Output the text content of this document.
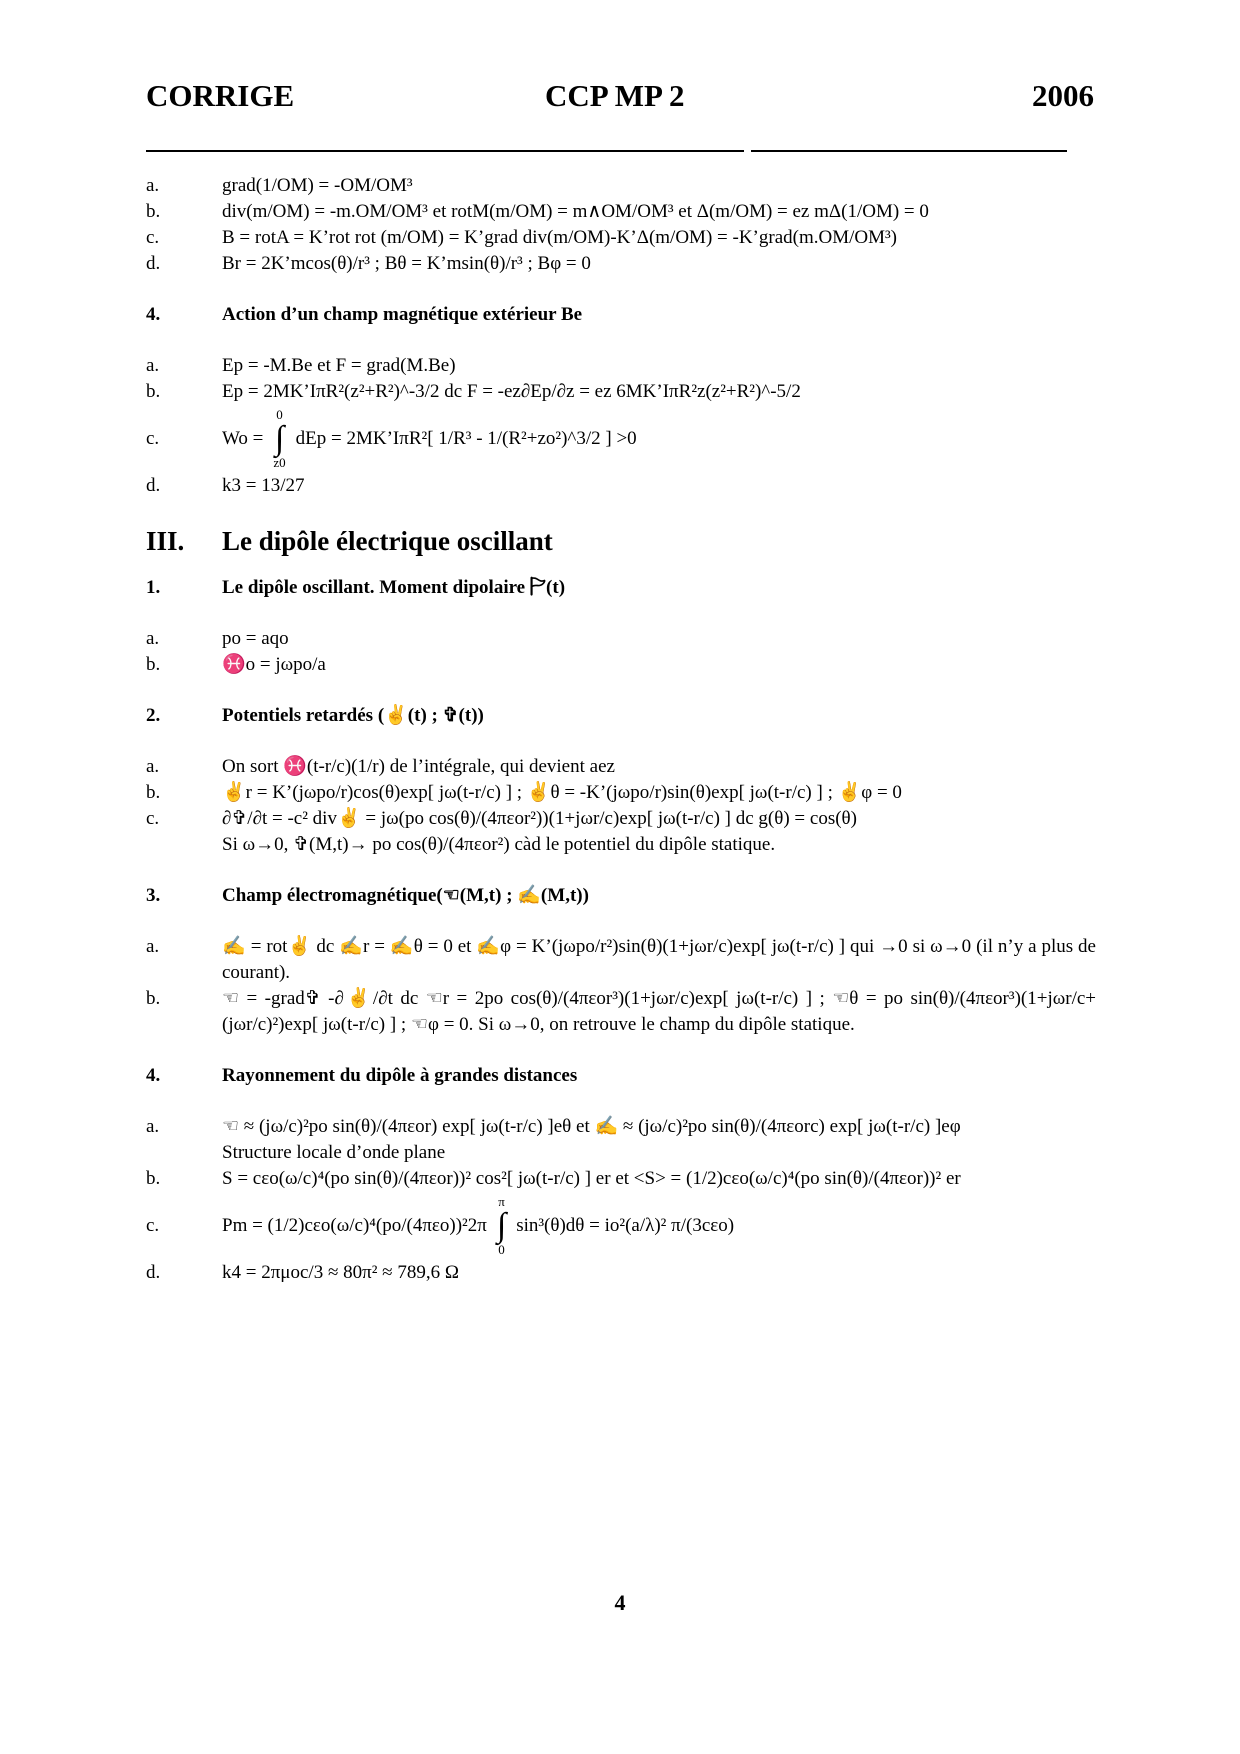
CORRIGE	CCP MP 2	2006
a.	grad(1/OM) = -OM/OM³
b.	div(m/OM) = -m.OM/OM³ et rotM(m/OM) = m∧OM/OM³ et Δ(m/OM) = ez mΔ(1/OM) = 0
c.	B = rotA = K’rot rot (m/OM) = K’grad div(m/OM)-K’Δ(m/OM) = -K’grad(m.OM/OM³)
d.	Br = 2K’mcos(θ)/r³ ; Bθ = K’msin(θ)/r³ ; Bφ = 0
4.	Action d’un champ magnétique extérieur Be
a.	Ep = -M.Be et F = grad(M.Be)
b.	Ep = 2MK’IπR²(z²+R²)^-3/2 dc F = -ez∂Ep/∂z = ez 6MK’IπR²z(z²+R²)^-5/2
c.	Wo =
0
∫
z0
dEp = 2MK’IπR²[ 1/R³ - 1/(R²+zo²)^3/2 ] >0
d.	k3 = 13/27
III.	Le dipôle électrique oscillant
1.	Le dipôle oscillant. Moment dipolaire 🏱(t)
a.	po = aqo
b.	♓o = jωpo/a
2.	Potentiels retardés (✌(t) ; ✞(t))
a.	On sort ♓(t-r/c)(1/r) de l’intégrale, qui devient aez
b.	✌r = K’(jωpo/r)cos(θ)exp[ jω(t-r/c) ] ; ✌θ = -K’(jωpo/r)sin(θ)exp[ jω(t-r/c) ] ; ✌φ = 0
c.	∂✞/∂t = -c² div✌ = jω(po cos(θ)/(4πεor²))(1+jωr/c)exp[ jω(t-r/c) ] dc g(θ) = cos(θ)
Si ω→0, ✞(M,t)→ po cos(θ)/(4πεor²) càd le potentiel du dipôle statique.
3.	Champ électromagnétique(☜(M,t) ; ✍(M,t))
a.	✍ = rot✌ dc ✍r = ✍θ = 0 et ✍φ = K’(jωpo/r²)sin(θ)(1+jωr/c)exp[ jω(t-r/c) ] qui →0 si ω→0 (il n’y a plus de courant).
b.	☜ = -grad✞ -∂✌/∂t dc ☜r = 2po cos(θ)/(4πεor³)(1+jωr/c)exp[ jω(t-r/c) ] ; ☜θ = po sin(θ)/(4πεor³)(1+jωr/c+(jωr/c)²)exp[ jω(t-r/c) ] ; ☜φ = 0. Si ω→0, on retrouve le champ du dipôle statique.
4.	Rayonnement du dipôle à grandes distances
a.	☜ ≈ (jω/c)²po sin(θ)/(4πεor) exp[ jω(t-r/c) ]eθ et ✍ ≈ (jω/c)²po sin(θ)/(4πεorc) exp[ jω(t-r/c) ]eφ
Structure locale d’onde plane
b.	S = cεo(ω/c)⁴(po sin(θ)/(4πεor))² cos²[ jω(t-r/c) ] er et <S> = (1/2)cεo(ω/c)⁴(po sin(θ)/(4πεor))² er
c.	Pm = (1/2)cεo(ω/c)⁴(po/(4πεo))²2π
π
∫
0
sin³(θ)dθ = io²(a/λ)² π/(3cεo)
d.	k4 = 2πμoc/3 ≈ 80π² ≈ 789,6 Ω
4
